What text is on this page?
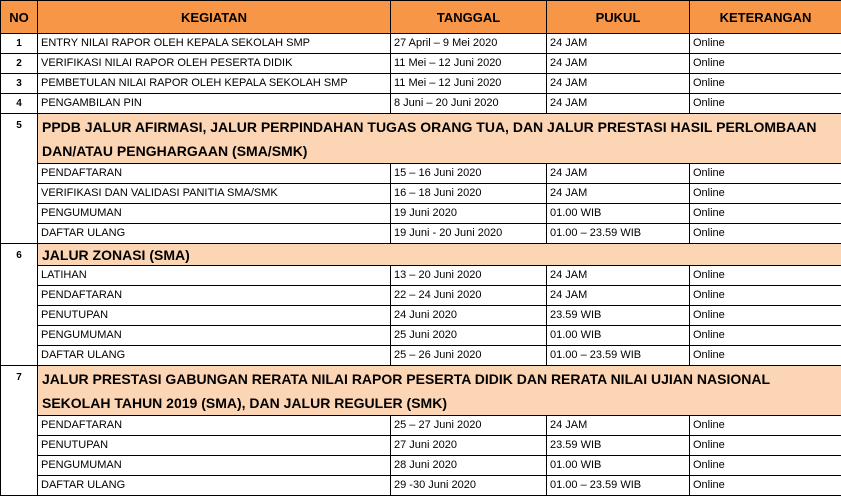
NO	KEGIATAN	TANGGAL	PUKUL	KETERANGAN
1	ENTRY NILAI RAPOR OLEH KEPALA SEKOLAH SMP	27 April – 9 Mei 2020	24 JAM	Online
2	VERIFIKASI NILAI RAPOR OLEH PESERTA DIDIK	11 Mei – 12 Juni 2020	24 JAM	Online
3	PEMBETULAN NILAI RAPOR OLEH KEPALA SEKOLAH SMP	11 Mei – 12 Juni 2020	24 JAM	Online
4	PENGAMBILAN PIN	8 Juni – 20 Juni 2020	24 JAM	Online
5	PPDB JALUR AFIRMASI, JALUR PERPINDAHAN TUGAS ORANG TUA, DAN JALUR PRESTASI HASIL PERLOMBAAN DAN/ATAU PENGHARGAAN (SMA/SMK)			
	PENDAFTARAN	15 – 16 Juni 2020	24 JAM	Online
	VERIFIKASI DAN VALIDASI PANITIA SMA/SMK	16 – 18 Juni 2020	24 JAM	Online
	PENGUMUMAN	19 Juni 2020	01.00 WIB	Online
	DAFTAR ULANG	19 Juni - 20 Juni 2020	01.00 – 23.59 WIB	Online
6	JALUR ZONASI (SMA)			
	LATIHAN	13 – 20 Juni 2020	24 JAM	Online
	PENDAFTARAN	22 – 24 Juni 2020	24 JAM	Online
	PENUTUPAN	24 Juni 2020	23.59 WIB	Online
	PENGUMUMAN	25 Juni 2020	01.00 WIB	Online
	DAFTAR ULANG	25 – 26 Juni 2020	01.00 – 23.59 WIB	Online
7	JALUR PRESTASI GABUNGAN RERATA NILAI RAPOR PESERTA DIDIK DAN RERATA NILAI UJIAN NASIONAL SEKOLAH TAHUN 2019 (SMA), DAN JALUR REGULER (SMK)			
	PENDAFTARAN	25 – 27 Juni 2020	24 JAM	Online
	PENUTUPAN	27 Juni 2020	23.59 WIB	Online
	PENGUMUMAN	28 Juni 2020	01.00 WIB	Online
	DAFTAR ULANG	29 -30 Juni 2020	01.00 – 23.59 WIB	Online
